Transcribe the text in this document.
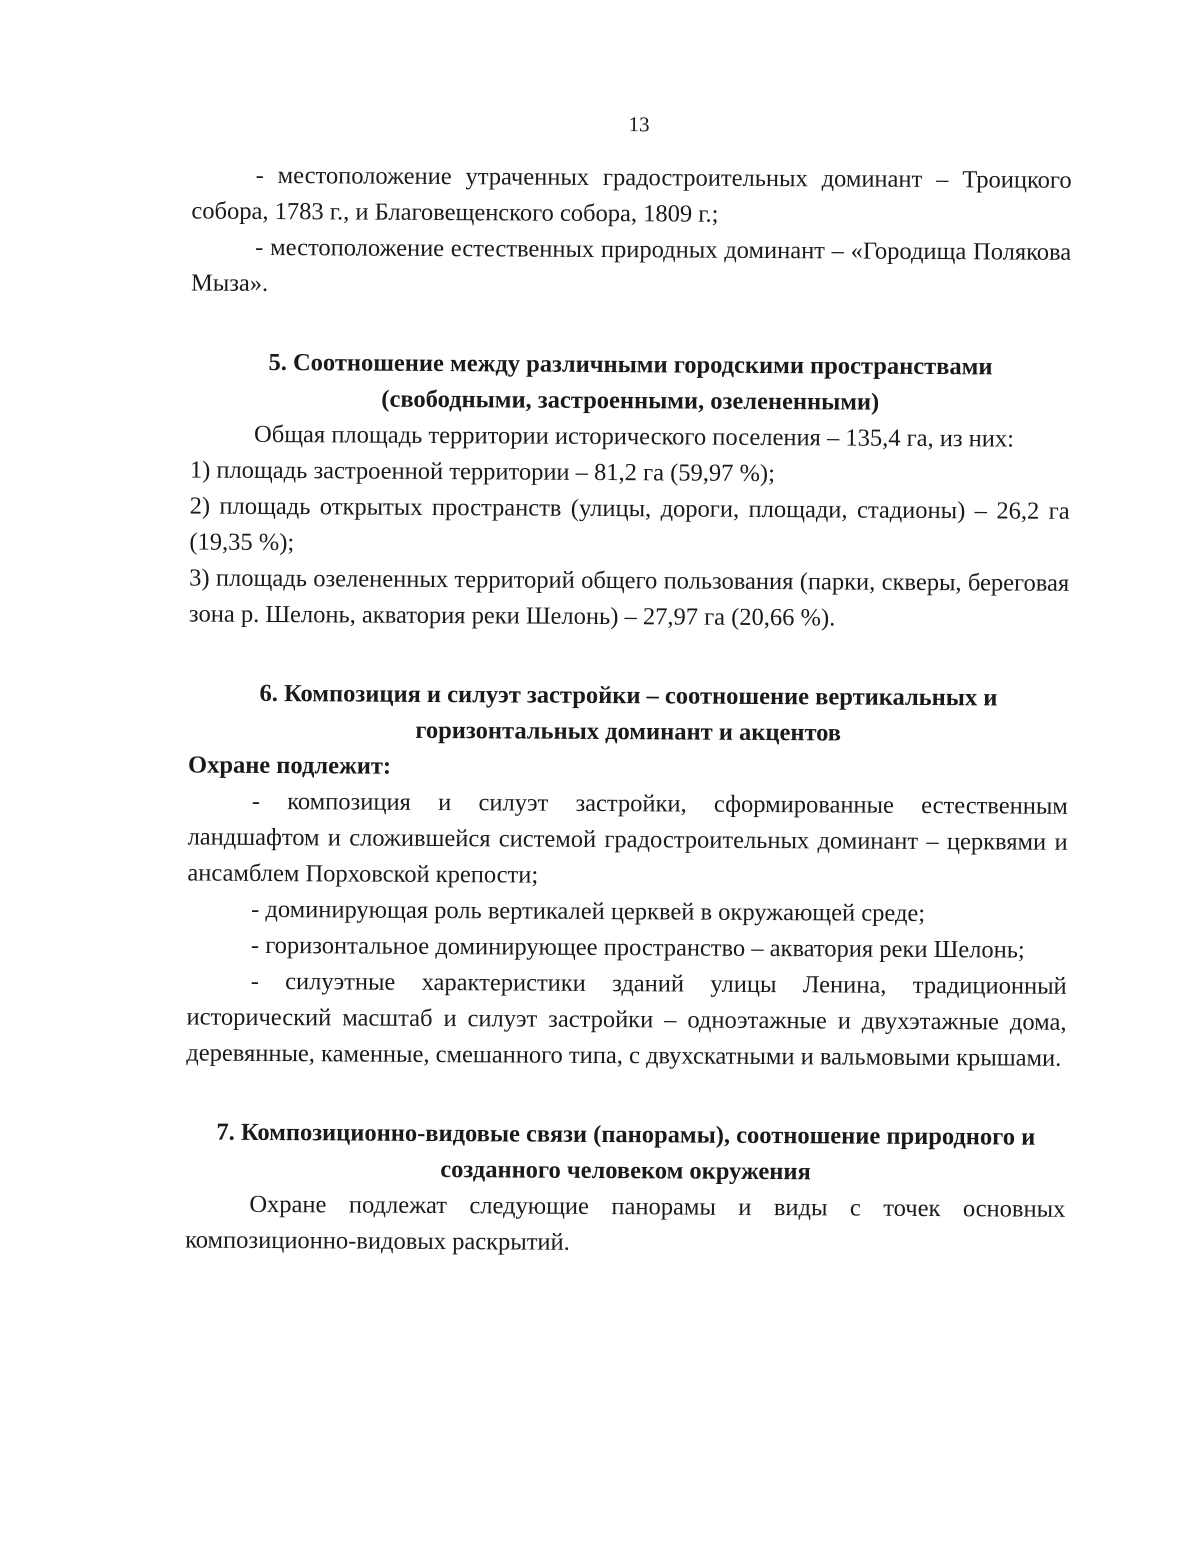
13

- местоположение утраченных градостроительных доминант – Троицкого собора, 1783 г., и Благовещенского собора, 1809 г.;

- местоположение естественных природных доминант – «Городища Полякова Мыза».

5. Соотношение между различными городскими пространствами

(свободными, застроенными, озелененными)

Общая площадь территории исторического поселения – 135,4 га, из них:

1) площадь застроенной территории – 81,2 га (59,97 %);

2) площадь открытых пространств (улицы, дороги, площади, стадионы) – 26,2 га (19,35 %);

3) площадь озелененных территорий общего пользования (парки, скверы, береговая зона р. Шелонь, акватория реки Шелонь) – 27,97 га (20,66 %).

6. Композиция и силуэт застройки – соотношение вертикальных и

горизонтальных доминант и акцентов

Охране подлежит:

- композиция и силуэт застройки, сформированные естественным ландшафтом и сложившейся системой градостроительных доминант – церквями и ансамблем Порховской крепости;

- доминирующая роль вертикалей церквей в окружающей среде;

- горизонтальное доминирующее пространство – акватория реки Шелонь;

- силуэтные характеристики зданий улицы Ленина, традиционный исторический масштаб и силуэт застройки – одноэтажные и двухэтажные дома, деревянные, каменные, смешанного типа, с двухскатными и вальмовыми крышами.

7. Композиционно-видовые связи (панорамы), соотношение природного и

созданного человеком окружения

Охране подлежат следующие панорамы и виды с точек основных композиционно-видовых раскрытий.
